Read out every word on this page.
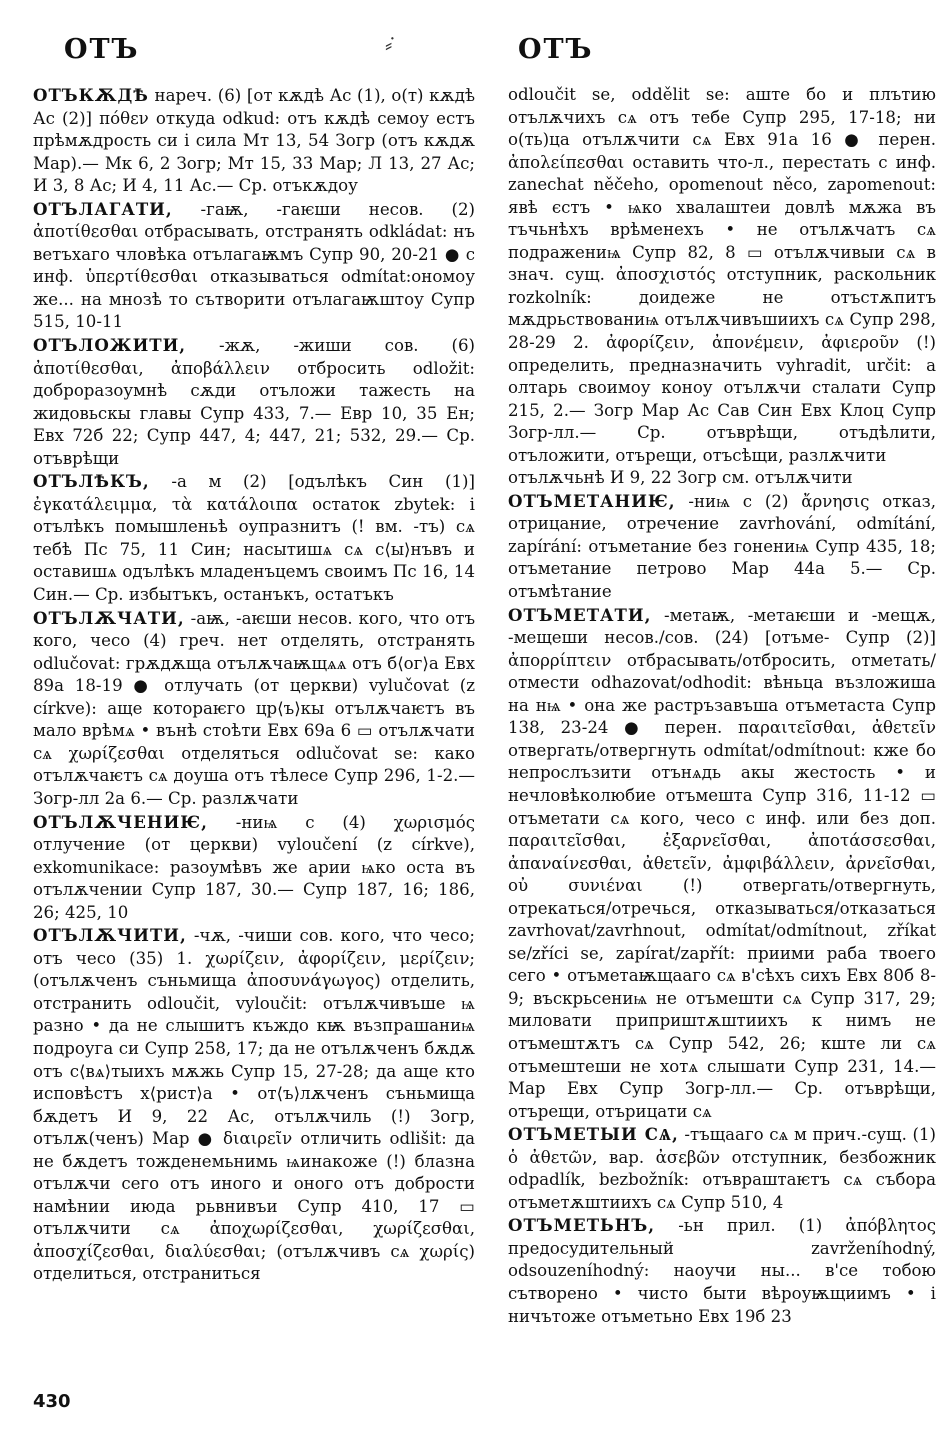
ОТЪ	⸗̇	ОТЪ

ОТЪКѪДѢ нареч. (6) [от кѫдѣ Ас (1), о(т) кѫдѣ Ас (2)] πόθεν откуда odkud: отъ кѫдѣ семоу естъ прѣмѫдрость си і сила Мт 13, 54 Зогр (отъ кѫдѫ Мар).— Мк 6, 2 Зогр; Мт 15, 33 Мар; Л 13, 27 Ас; И 3, 8 Ас; И 4, 11 Ас.— Ср. отъкѫдоу

ОТЪЛАГАТИ, -гаѭ, -гаѥши несов. (2) ἀποτίθεσθαι отбрасывать, отстранять odkládat: нъ ветъхаго чловѣка отълагаѭмъ Супр 90, 20-21 ● с инф. ὑπερτίθεσθαι отказываться odmítat:ономоу же... на мнозѣ то сътворити отълагаѭштоу Супр 515, 10-11

ОТЪЛОЖИТИ, -жѫ, -жиши сов. (6) ἀποτίθεσθαι, ἀποβάλλειν отбросить odložit: доброразоумнѣ сѫди отъложи тажесть на жидовьскы главы Супр 433, 7.— Евр 10, 35 Ен; Евх 72б 22; Супр 447, 4; 447, 21; 532, 29.— Ср. отъврѣщи

ОТЪЛѢКЪ, -а м (2) [одълѣкъ Син (1)] ἐγκατάλειμμα, τὰ κατάλοιπα остаток zbytek: і отълѣкъ помышленьѣ оупразнитъ (! вм. -тъ) сѧ тебѣ Пс 75, 11 Син; насытишѧ сѧ с⟨ы⟩нъвъ и оставишѧ одълѣкъ младенъцемъ своимъ Пс 16, 14 Син.— Ср. избытъкъ, останъкъ, остатъкъ

ОТЪЛѪЧАТИ, -аѭ, -аѥши несов. кого, что отъ кого, чесо (4) греч. нет отделять, отстранять odlučovat: грѫдѫща отълѫчаѭщѧѧ отъ б⟨ог⟩а Евх 89а 18-19 ● отлучать (от церкви) vylučovat (z církve): аще котораѥго цр⟨ъ⟩кы отълѫчаѥтъ въ мало врѣмѧ • вънѣ стоѣти Евх 69а 6 ▭ отълѫчати сѧ χωρίζεσθαι отделяться odlučovat se: како отълѫчаѥтъ сѧ доуша отъ тѣлесе Супр 296, 1-2.— Зогр-лл 2а 6.— Ср. разлѫчати

ОТЪЛѪЧЕНИѤ, -ниѩ с (4) χωρισμός отлучение (от церкви) vyloučení (z církve), exkomunikace: разоумѣвъ же арии ѩко оста въ отълѫчении Супр 187, 30.— Супр 187, 16; 186, 26; 425, 10

ОТЪЛѪЧИТИ, -чѫ, -чиши сов. кого, что чесо; отъ чесо (35) 1. χωρίζειν, ἀφορίζειν, μερίζειν; (отълѫченъ съньмища ἀποσυνάγωγος) отделить, отстранить odloučit, vyloučit: отълѫчивъше ѩ разно • да не слышитъ къждо кѭ възпрашаниѩ подроуга си Супр 258, 17; да не отълѫченъ бѫдѫ отъ с⟨вѧ⟩тыихъ мѫжь Супр 15, 27-28; да аще кто исповѣстъ х⟨рист⟩а • от⟨ъ⟩лѫченъ съньмища бѫдетъ И 9, 22 Ас, отълѫчиль (!) Зогр, отълѫ(ченъ) Мар ● διαιρεῖν отличить odlišit: да не бѫдетъ тожденемьнимь ѩинакоже (!) блазна отълѫчи сего отъ иного и оного отъ добрости намѣнии июда рьвнивъи Супр 410, 17 ▭ отълѫчити сѧ ἀποχωρίζεσθαι, χωρίζεσθαι, ἀποσχίζεσθαι, διαλύεσθαι; (отълѫчивъ сѧ χωρίς) отделиться, отстраниться

odloučit se, oddělit se: аште бо и плътию отълѫчихъ сѧ отъ тебе Супр 295, 17-18; ни о(ть)ца отълѫчити сѧ Евх 91а 16 ● перен. ἀπολείπεσθαι оставить что-л., перестать с инф. zanechat něčeho, opomenout něco, zapomenout: явѣ єстъ • ѩко хвалаштеи довлѣ мѫжа въ тъчьнѣхъ врѣменехъ • не отълѫчатъ сѧ подражениѩ Супр 82, 8 ▭ отълѫчивыи сѧ в знач. сущ. ἀποσχιστός отступник, раскольник rozkolník: доидеже не отъстѫпитъ мѫдрьствованиѩ отълѫчивъшиихъ сѧ Супр 298, 28-29 2. ἀφορίζειν, ἀπονέμειν, ἀφιεροῦν (!) определить, предназначить vyhradit, určit: а олтарь своимоу коноу отълѫчи сталати Супр 215, 2.— Зогр Мар Ас Сав Син Евх Клоц Супр Зогр-лл.— Ср. отъврѣщи, отъдѣлити, отъложити, отърещи, отъсѣщи, разлѫчити

отълѫчьнѣ И 9, 22 Зогр см. отълѫчити

ОТЪМЕТАНИѤ, -ниѩ с (2) ἄρνησις отказ, отрицание, отречение zavrhování, odmítání, zapírání: отъметание без гонениѩ Супр 435, 18; отъметание петрово Мар 44а 5.— Ср. отъмѣтание

ОТЪМЕТАТИ, -метаѭ, -метаѥши и -мещѫ, -мещеши несов./сов. (24) [отъме- Супр (2)] ἀπορρίπτειν отбрасывать/отбросить, отметать/отмести odhazovat/odhodit: вѣньца възложиша на нѩ • она же растръзавъша отъметаста Супр 138, 23-24 ● перен. παραιτεῖσθαι, ἀθετεῖν отвергать/отвергнуть odmítat/odmítnout: кже бо непрослъзити отънѧдь акы жестость • и нечловѣколюбие отъмешта Супр 316, 11-12 ▭ отъметати сѧ кого, чесо с инф. или без доп. παραιτεῖσθαι, ἐξαρνεῖσθαι, ἀποτάσσεσθαι, ἀπαναίνεσθαι, ἀθετεῖν, ἀμφιβάλλειν, ἀρνεῖσθαι, οὐ συνιέναι (!) отвергать/отвергнуть, отрекаться/отречься, отказываться/отказаться zavrhovat/zavrhnout, odmítat/odmítnout, zříkat se/zříci se, zapírat/zapřít: приими раба твоего сего • отъметаѭщааго сѧ в'сѣхъ сихъ Евх 80б 8-9; въскрьсениѩ не отъмешти сѧ Супр 317, 29; миловати приприштѫштиихъ к нимъ не отъмештѫтъ сѧ Супр 542, 26; кште ли сѧ отъмештеши не хотѧ слышати Супр 231, 14.— Мар Евх Супр Зогр-лл.— Ср. отъврѣщи, отърещи, отърицати сѧ

ОТЪМЕТЫИ СѦ, -тъщааго сѧ м прич.-сущ. (1) ὁ ἀθετῶν, вар. ἀσεβῶν отступник, безбожник odpadlík, bezbožník: отъвраштаѥтъ сѧ събора отъметѫштиихъ сѧ Супр 510, 4

ОТЪМЕТЬНЪ, -ьн прил. (1) ἀπόβλητος предосудительный zavrženíhodný, odsouzeníhodný: наоучи ны... в'се тобою сътворено • чисто быти вѣроуѭщиимъ • і ничътоже отъметьно Евх 19б 23

430
